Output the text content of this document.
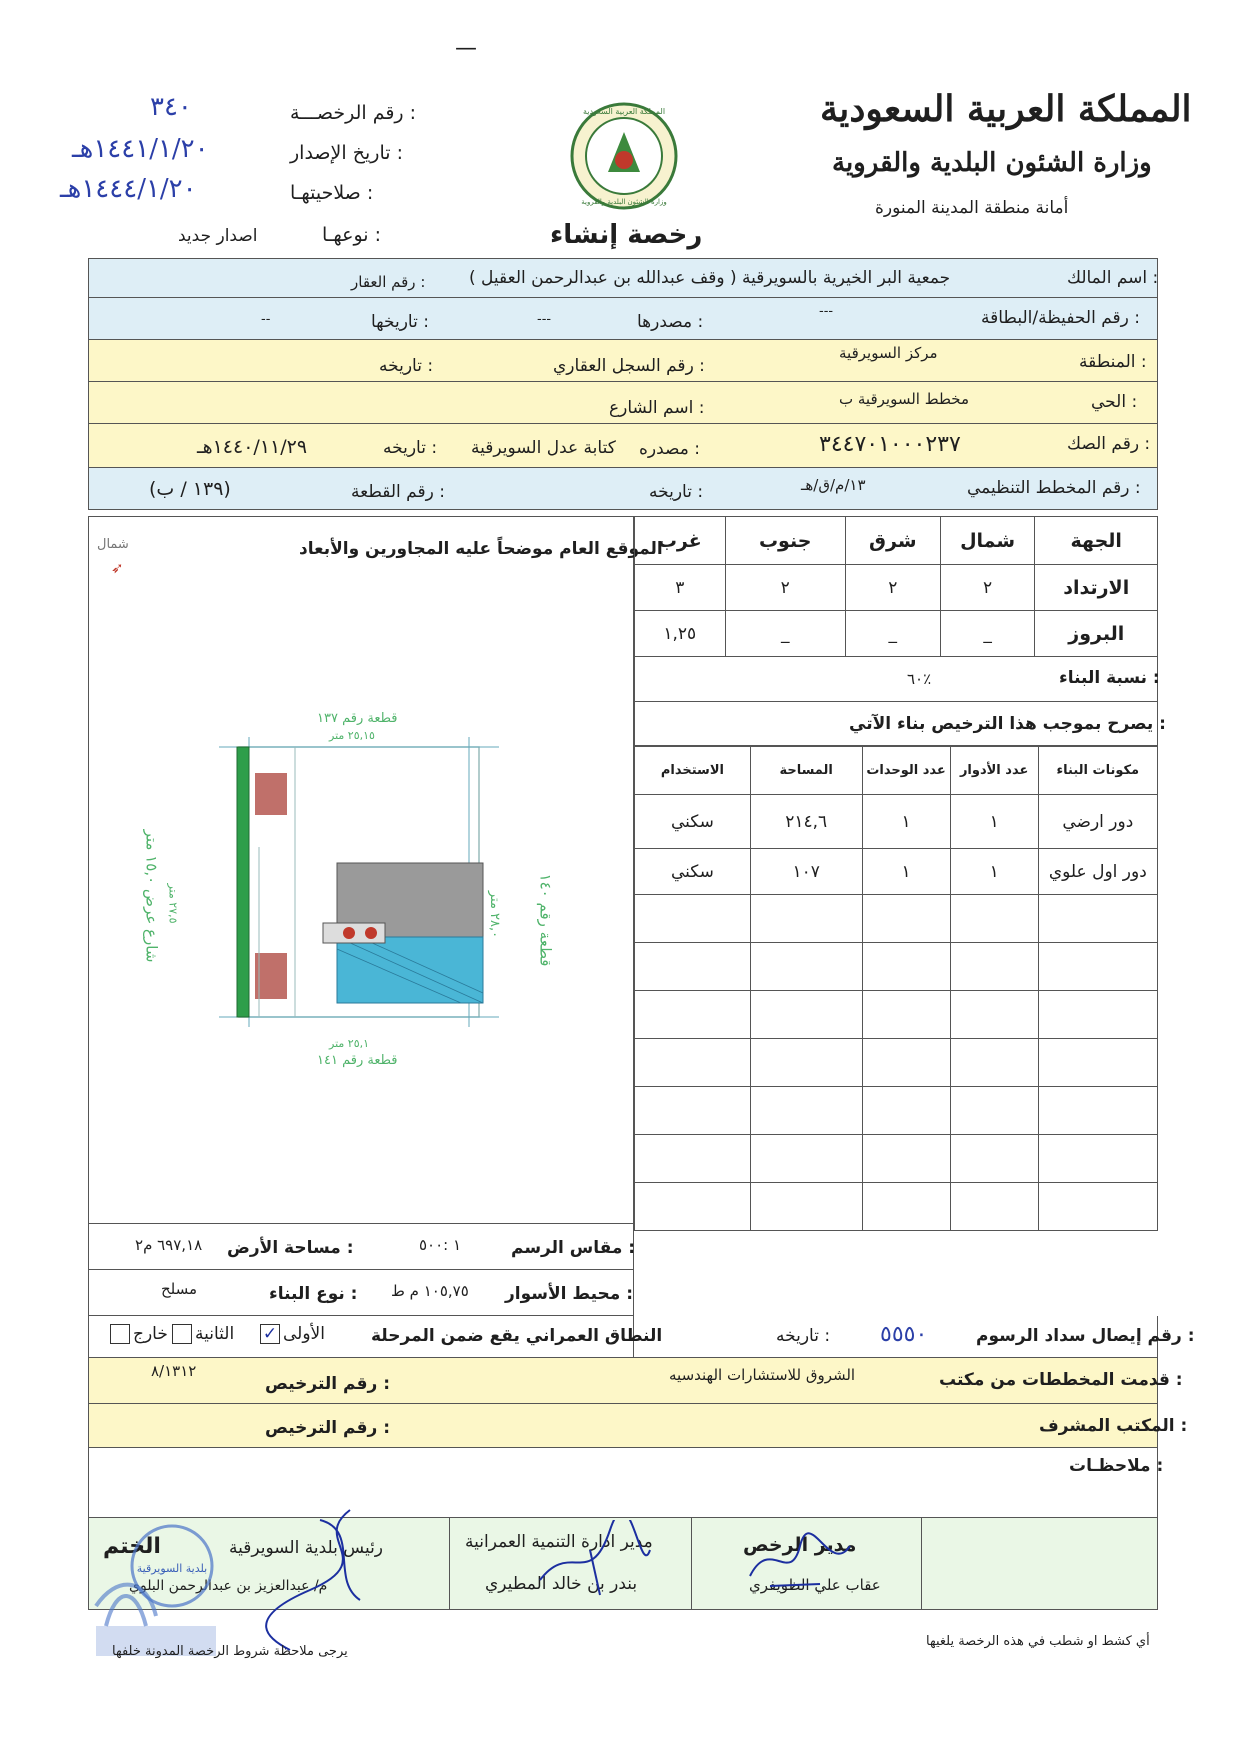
—
المملكة العربية السعودية
وزارة الشئون البلدية والقروية
أمانة منطقة المدينة المنورة
المملكة العربية السعودية
وزارة الشئون البلدية والقروية
رخصة إنشاء
رقم الرخصـــة :
٣٤٠
تاريخ الإصدار :
١٤٤١/١/٢٠هـ
صلاحيتهـا :
١٤٤٤/١/٢٠هـ
نوعهـا :
اصدار جديد
اسم المالك :
جمعية البر الخيرية بالسويرقية ( وقف عبدالله بن عبدالرحمن العقيل )
رقم العقار :
رقم الحفيظة/البطاقة :
---
مصدرها :
---
تاريخها :
--
المنطقة :
مركز السويرقية
رقم السجل العقاري :
تاريخه :
الحي :
مخطط السويرقية ب
اسم الشارع :
رقم الصك :
٣٤٤٧٠١٠٠٠٢٣٧
مصدره :
كتابة عدل السويرقية
تاريخه :
١٤٤٠/١١/٢٩هـ
رقم المخطط التنظيمي :
١٣/م/ق/هـ
تاريخه :
رقم القطعة :
(١٣٩ / ب)
الموقع العام موضحاً عليه المجاورين والأبعاد
شمال
➶
قطعة رقم ١٣٧
٢٥,١٥ متر
٢٥,١ متر
قطعة رقم ١٤١
شارع عرض ١٥,٠ متر ٢٧,٥ متر	٢٨,٠ متر
قطعة رقم ١٤٠
غرب	جنوب	شرق	شمال	الجهة
٣	٢	٢	٢	الارتداد
١,٢٥	_	_	_	البروز
نسبة البناء :
٦٠٪
يصرح بموجب هذا الترخيص بناء الآتي :
الاستخدام	المساحة	عدد الوحدات	عدد الأدوار	مكونات البناء
سكني	٢١٤,٦	١	١	دور ارضي
سكني	١٠٧	١	١	دور اول علوي

مقاس الرسم :
١ :٥٠٠
مساحة الأرض :
٦٩٧,١٨ م٢
محيط الأسوار :
١٠٥,٧٥ م ط
نوع البناء :
مسلح
النطاق العمراني يقع ضمن المرحلة
✓ الأولى
الثانية
خارج	رقم إيصال سداد الرسوم :
٥٥٥٠
تاريخه :
قدمت المخططات من مكتب :
الشروق للاستشارات الهندسيه
رقم الترخيص :
٨/١٣١٢
المكتب المشرف :
رقم الترخيص :
ملاحظـات :
مدير الرخص
عقاب علي الظويفري
مدير ادارة التنمية العمرانية
بندر بن خالد المطيري
رئيس بلدية السويرقية
م/ عبدالعزيز بن عبدالرحمن البلوي
الختم
بلدية السويرقية
أي كشط او شطب في هذه الرخصة يلغيها
يرجى ملاحظة شروط الرخصة المدونة خلفها
